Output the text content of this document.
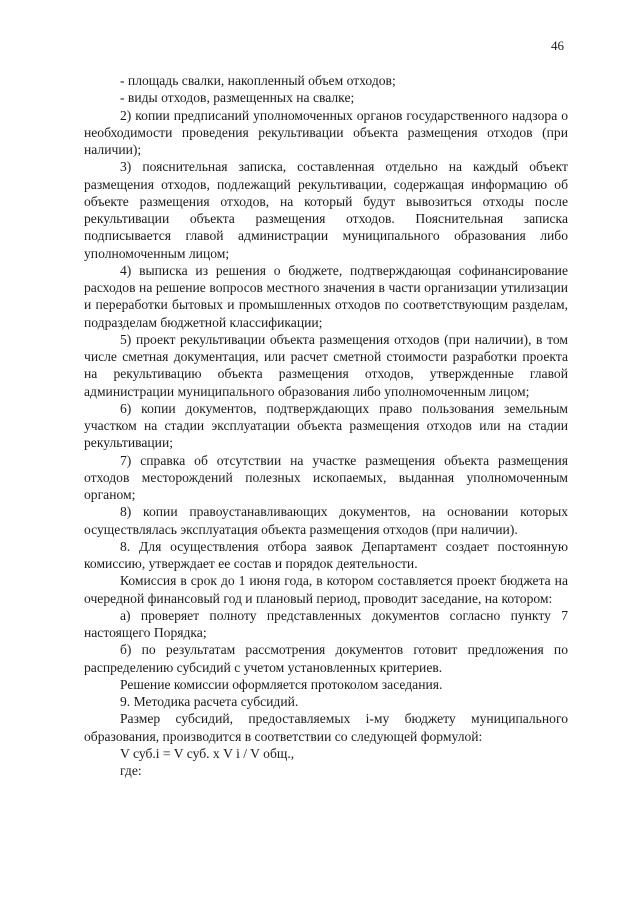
46

- площадь свалки, накопленный объем отходов;

- виды отходов, размещенных на свалке;

2) копии предписаний уполномоченных органов государственного надзора о необходимости проведения рекультивации объекта размещения отходов (при наличии);

3) пояснительная записка, составленная отдельно на каждый объект размещения отходов, подлежащий рекультивации, содержащая информацию об объекте размещения отходов, на который будут вывозиться отходы после рекультивации объекта размещения отходов. Пояснительная записка подписывается главой администрации муниципального образования либо уполномоченным лицом;

4) выписка из решения о бюджете, подтверждающая софинансирование расходов на решение вопросов местного значения в части организации утилизации и переработки бытовых и промышленных отходов по соответствующим разделам, подразделам бюджетной классификации;

5) проект рекультивации объекта размещения отходов (при наличии), в том числе сметная документация, или расчет сметной стоимости разработки проекта на рекультивацию объекта размещения отходов, утвержденные главой администрации муниципального образования либо уполномоченным лицом;

6) копии документов, подтверждающих право пользования земельным участком на стадии эксплуатации объекта размещения отходов или на стадии рекультивации;

7) справка об отсутствии на участке размещения объекта размещения отходов месторождений полезных ископаемых, выданная уполномоченным органом;

8) копии правоустанавливающих документов, на основании которых осуществлялась эксплуатация объекта размещения отходов (при наличии).

8. Для осуществления отбора заявок Департамент создает постоянную комиссию, утверждает ее состав и порядок деятельности.

Комиссия в срок до 1 июня года, в котором составляется проект бюджета на очередной финансовый год и плановый период, проводит заседание, на котором:

а) проверяет полноту представленных документов согласно пункту 7 настоящего Порядка;

б) по результатам рассмотрения документов готовит предложения по распределению субсидий с учетом установленных критериев.

Решение комиссии оформляется протоколом заседания.

9. Методика расчета субсидий.

Размер субсидий, предоставляемых i-му бюджету муниципального образования, производится в соответствии со следующей формулой:

V суб.i = V суб. х V i / V общ.,

где:
